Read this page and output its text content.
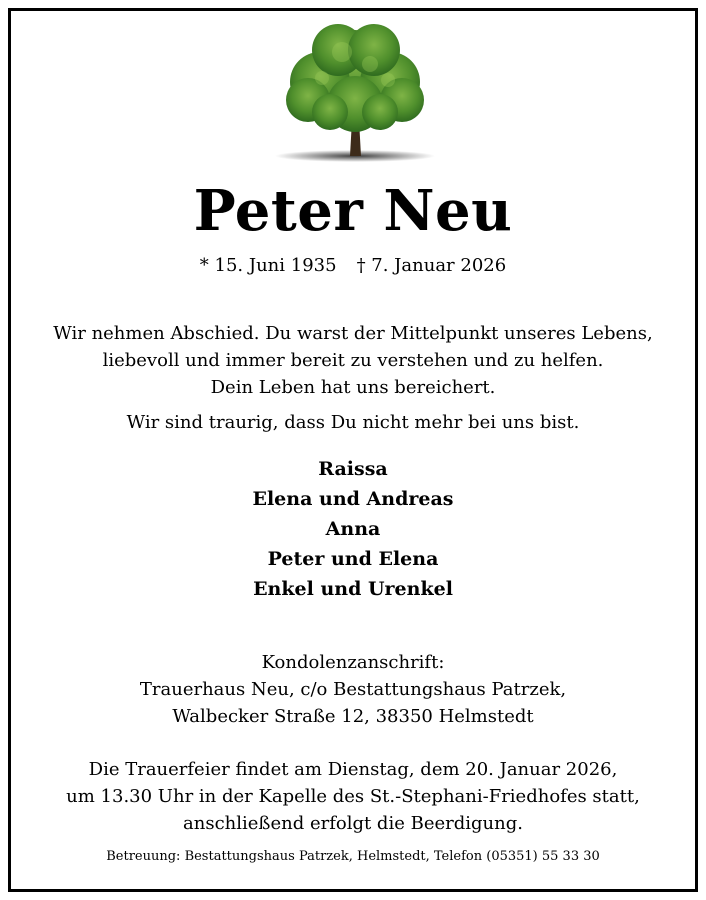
Peter Neu
* 15. Juni 1935 † 7. Januar 2026
Wir nehmen Abschied. Du warst der Mittelpunkt unseres Lebens,
liebevoll und immer bereit zu verstehen und zu helfen.
Dein Leben hat uns bereichert.
Wir sind traurig, dass Du nicht mehr bei uns bist.
Raissa
Elena und Andreas
Anna
Peter und Elena
Enkel und Urenkel
Kondolenzanschrift:
Trauerhaus Neu, c/o Bestattungshaus Patrzek,
Walbecker Straße 12, 38350 Helmstedt
Die Trauerfeier findet am Dienstag, dem 20. Januar 2026,
um 13.30 Uhr in der Kapelle des St.-Stephani-Friedhofes statt,
anschließend erfolgt die Beerdigung.
Betreuung: Bestattungshaus Patrzek, Helmstedt, Telefon (05351) 55 33 30
